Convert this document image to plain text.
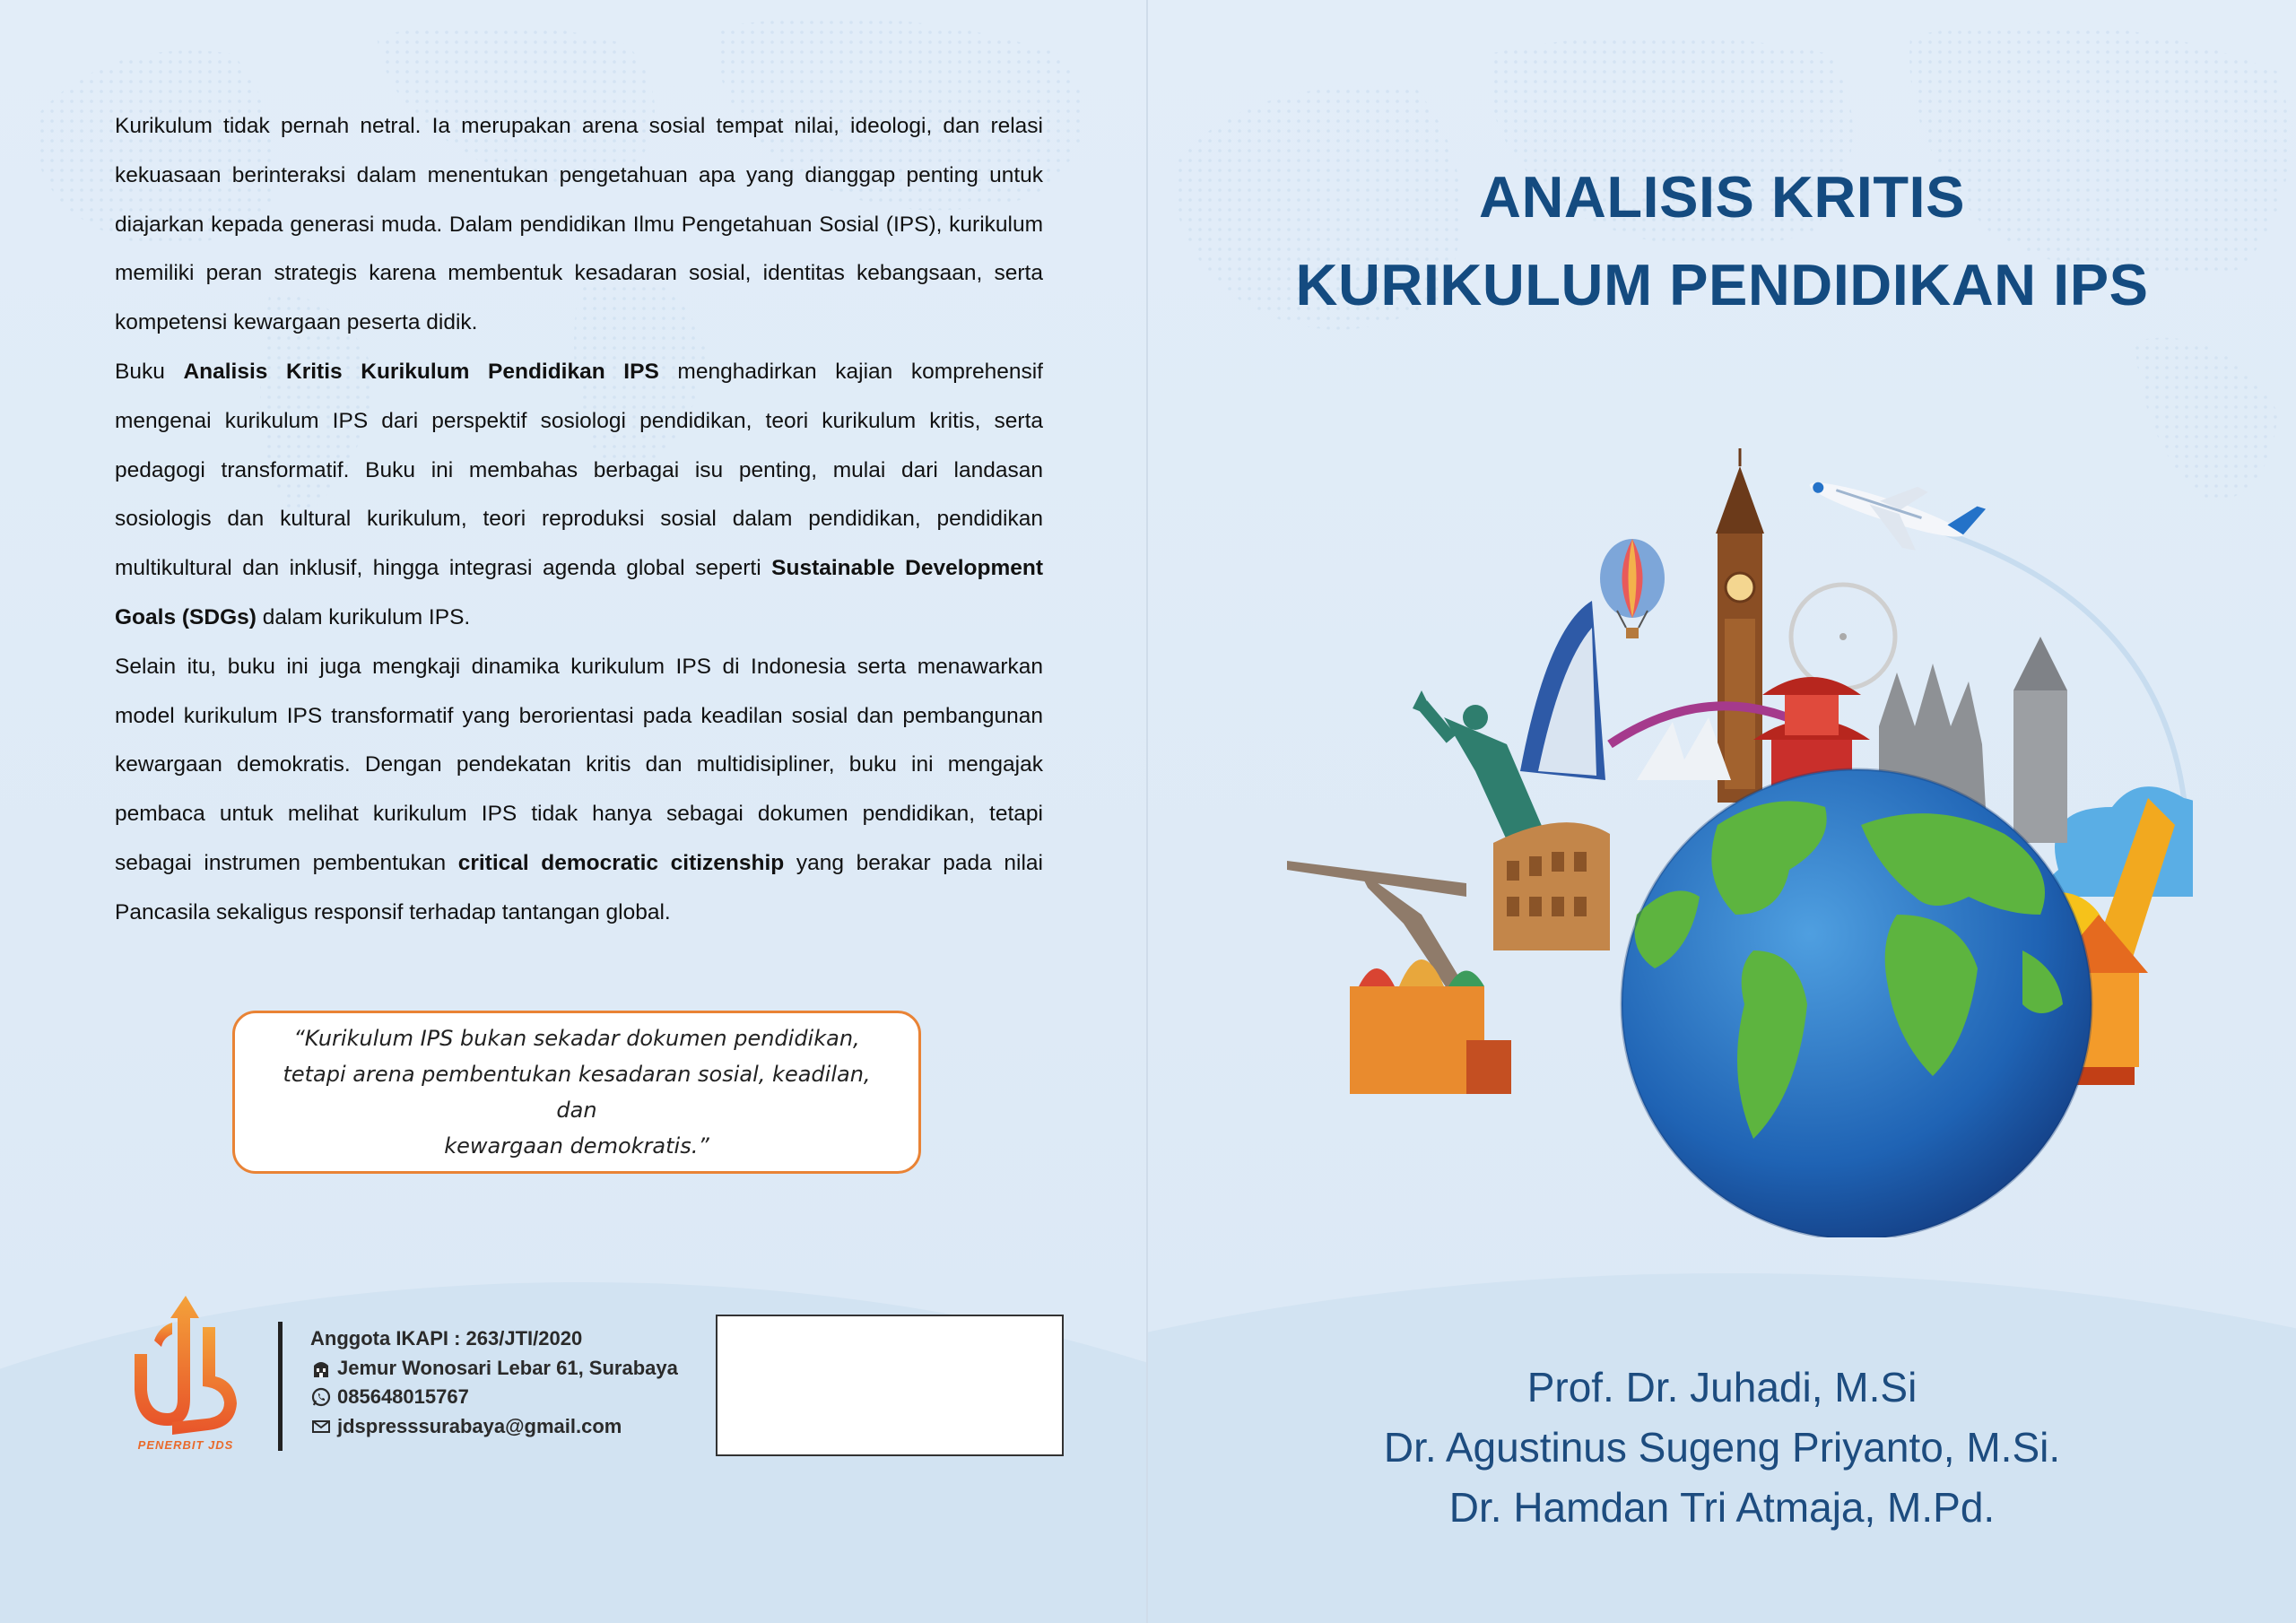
Kurikulum tidak pernah netral. Ia merupakan arena sosial tempat nilai, ideologi, dan relasi kekuasaan berinteraksi dalam menentukan pengetahuan apa yang dianggap penting untuk diajarkan kepada generasi muda. Dalam pendidikan Ilmu Pengetahuan Sosial (IPS), kurikulum memiliki peran strategis karena membentuk kesadaran sosial, identitas kebangsaan, serta kompetensi kewargaan peserta didik.

Buku Analisis Kritis Kurikulum Pendidikan IPS menghadirkan kajian komprehensif mengenai kurikulum IPS dari perspektif sosiologi pendidikan, teori kurikulum kritis, serta pedagogi transformatif. Buku ini membahas berbagai isu penting, mulai dari landasan sosiologis dan kultural kurikulum, teori reproduksi sosial dalam pendidikan, pendidikan multikultural dan inklusif, hingga integrasi agenda global seperti Sustainable Development Goals (SDGs) dalam kurikulum IPS.

Selain itu, buku ini juga mengkaji dinamika kurikulum IPS di Indonesia serta menawarkan model kurikulum IPS transformatif yang berorientasi pada keadilan sosial dan pembangunan kewargaan demokratis. Dengan pendekatan kritis dan multidisipliner, buku ini mengajak pembaca untuk melihat kurikulum IPS tidak hanya sebagai dokumen pendidikan, tetapi sebagai instrumen pembentukan critical democratic citizenship yang berakar pada nilai Pancasila sekaligus responsif terhadap tantangan global.

“Kurikulum IPS bukan sekadar dokumen pendidikan,
tetapi arena pembentukan kesadaran sosial, keadilan, dan
kewargaan demokratis.”
PENERBIT JDS
Anggota IKAPI : 263/JTI/2020
Jemur Wonosari Lebar 61, Surabaya
085648015767
jdspresssurabaya@gmail.com
ANALISIS KRITIS
KURIKULUM PENDIDIKAN IPS
Prof. Dr. Juhadi, M.Si
Dr. Agustinus Sugeng Priyanto, M.Si.
Dr. Hamdan Tri Atmaja, M.Pd.
